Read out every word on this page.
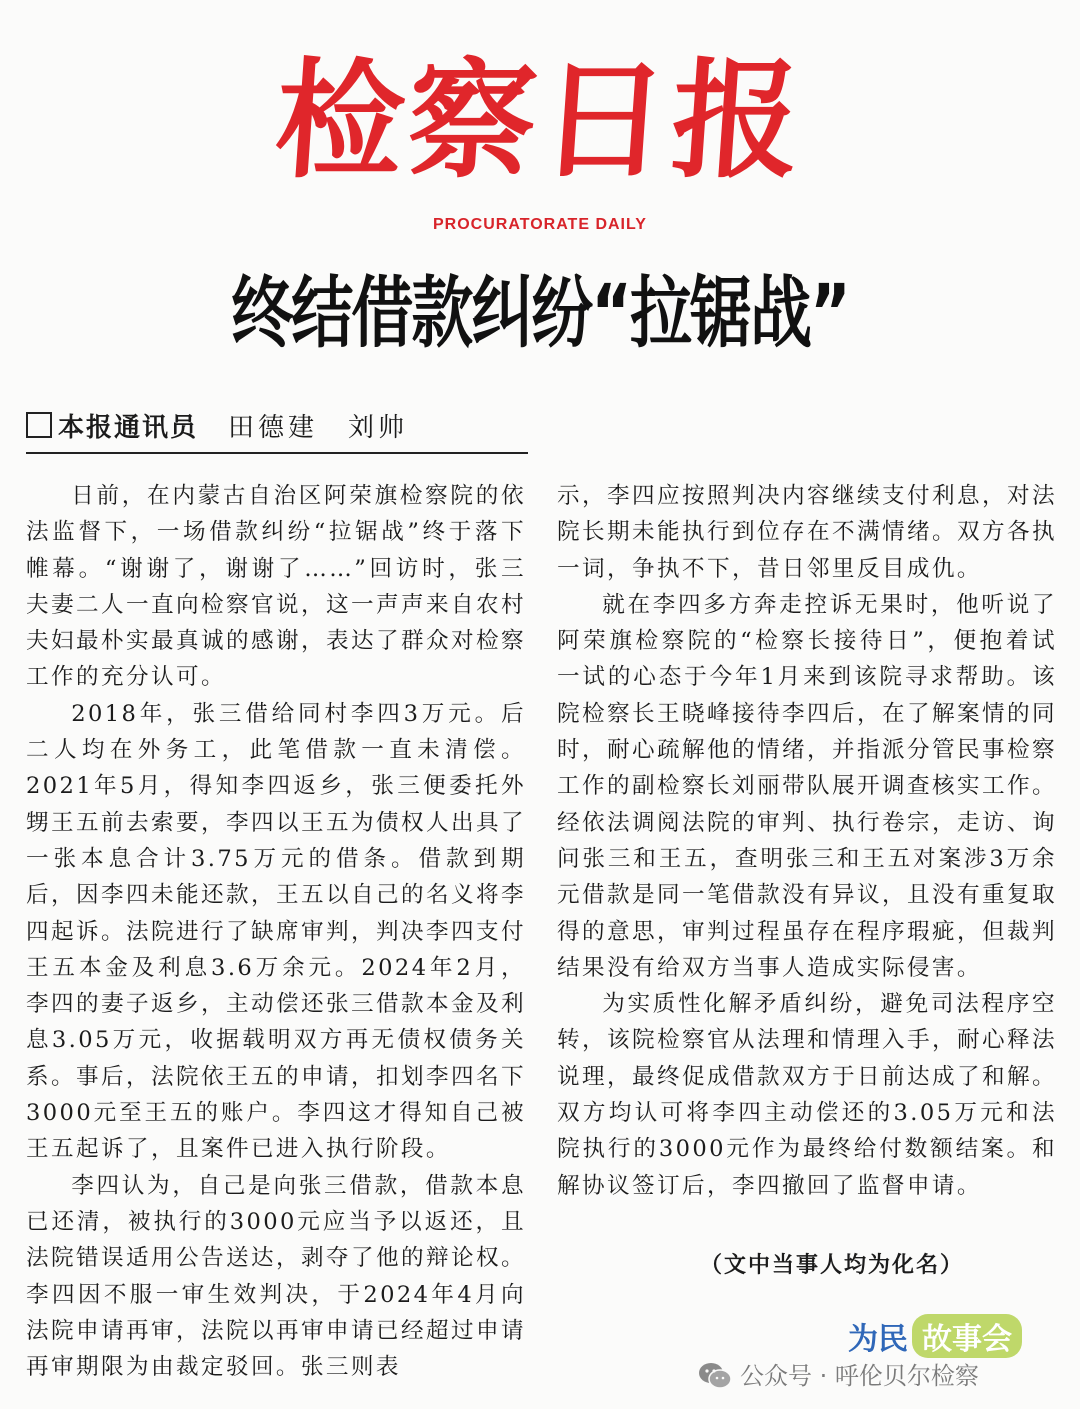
检察日报
PROCURATORATE DAILY
终结借款纠纷“拉锯战”
本报通讯员 田德建　刘帅

日前，在内蒙古自治区阿荣旗检察院的依法监督下，一场借款纠纷“拉锯战”终于落下帷幕。“谢谢了，谢谢了……”回访时，张三夫妻二人一直向检察官说，这一声声来自农村夫妇最朴实最真诚的感谢，表达了群众对检察工作的充分认可。

2018年，张三借给同村李四3万元。后二人均在外务工，此笔借款一直未清偿。2021年5月，得知李四返乡，张三便委托外甥王五前去索要，李四以王五为债权人出具了一张本息合计3.75万元的借条。借款到期后，因李四未能还款，王五以自己的名义将李四起诉。法院进行了缺席审判，判决李四支付王五本金及利息3.6万余元。2024年2月，李四的妻子返乡，主动偿还张三借款本金及利息3.05万元，收据载明双方再无债权债务关系。事后，法院依王五的申请，扣划李四名下3000元至王五的账户。李四这才得知自己被王五起诉了，且案件已进入执行阶段。

李四认为，自己是向张三借款，借款本息已还清，被执行的3000元应当予以返还，且法院错误适用公告送达，剥夺了他的辩论权。李四因不服一审生效判决，于2024年4月向法院申请再审，法院以再审申请已经超过申请再审期限为由裁定驳回。张三则表

示，李四应按照判决内容继续支付利息，对法院长期未能执行到位存在不满情绪。双方各执一词，争执不下，昔日邻里反目成仇。

就在李四多方奔走控诉无果时，他听说了阿荣旗检察院的“检察长接待日”，便抱着试一试的心态于今年1月来到该院寻求帮助。该院检察长王晓峰接待李四后，在了解案情的同时，耐心疏解他的情绪，并指派分管民事检察工作的副检察长刘丽带队展开调查核实工作。经依法调阅法院的审判、执行卷宗，走访、询问张三和王五，查明张三和王五对案涉3万余元借款是同一笔借款没有异议，且没有重复取得的意思，审判过程虽存在程序瑕疵，但裁判结果没有给双方当事人造成实际侵害。

为实质性化解矛盾纠纷，避免司法程序空转，该院检察官从法理和情理入手，耐心释法说理，最终促成借款双方于日前达成了和解。双方均认可将李四主动偿还的3.05万元和法院执行的3000元作为最终给付数额结案。和解协议签订后，李四撤回了监督申请。

（文中当事人均为化名）
为民 故事会
公众号 · 呼伦贝尔检察
